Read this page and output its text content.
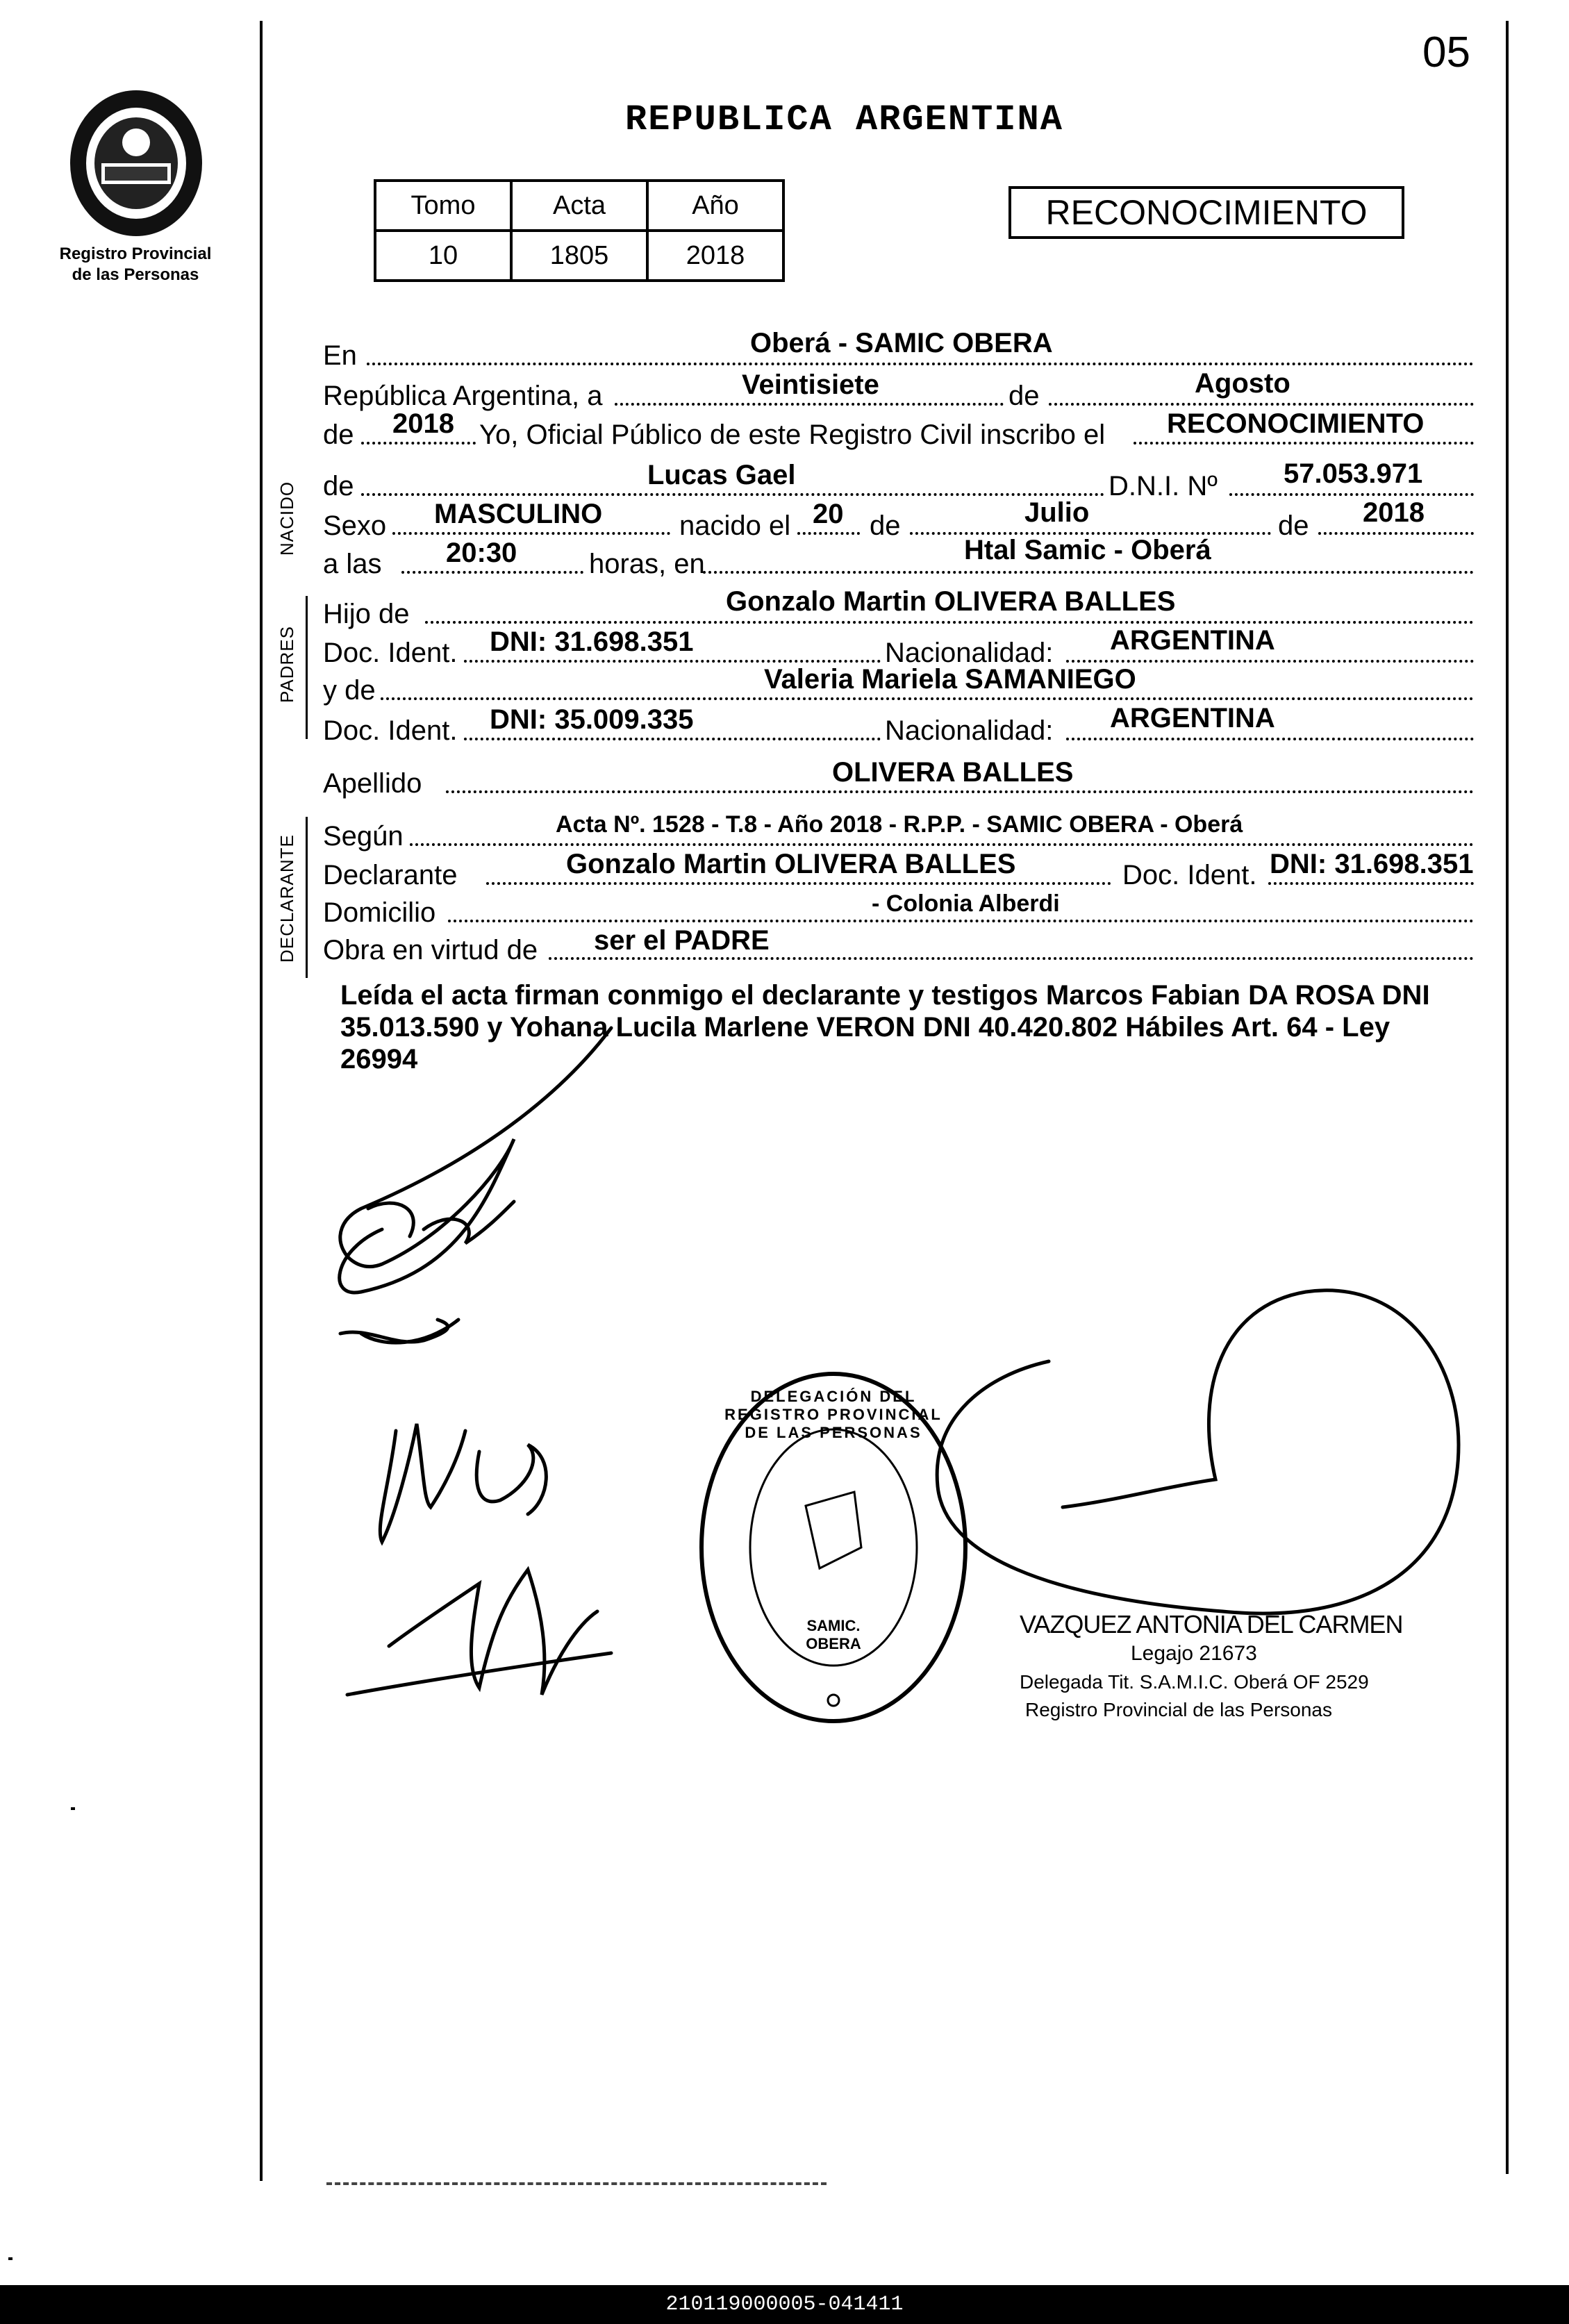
05
Registro Provincial
de las Personas
REPUBLICA ARGENTINA
Tomo	Acta	Año
10	1805	2018
RECONOCIMIENTO
En	Oberá - SAMIC OBERA
República Argentina, a	Veintisiete	de	Agosto
de 2018 Yo, Oficial Público de este Registro Civil inscribo el RECONOCIMIENTO
NACIDO de	Lucas Gael	D.N.I. Nº 57.053.971
Sexo MASCULINO	nacido el 20 de	Julio	de 2018
a las 20:30	horas, en	Htal Samic - Oberá
PADRES
Hijo de	Gonzalo Martin OLIVERA BALLES
Doc. Ident. DNI: 31.698.351	Nacionalidad: ARGENTINA
y de	Valeria Mariela SAMANIEGO
Doc. Ident. DNI: 35.009.335	Nacionalidad: ARGENTINA
Apellido	OLIVERA BALLES
DECLARANTE Según	Acta Nº. 1528 - T.8 - Año 2018 - R.P.P. - SAMIC OBERA - Oberá
Declarante	Gonzalo Martin OLIVERA BALLES	Doc. Ident. DNI: 31.698.351
Domicilio	- Colonia Alberdi
Obra en virtud de ser el PADRE
Leída el acta firman conmigo el declarante y testigos Marcos Fabian DA ROSA DNI 35.013.590 y Yohana Lucila Marlene VERON DNI 40.420.802 Hábiles Art. 64 - Ley 26994
DELEGACIÓN DEL REGISTRO PROVINCIAL DE LAS PERSONAS
SAMIC. OBERA
VAZQUEZ ANTONIA DEL CARMEN
Legajo 21673
Delegada Tit. S.A.M.I.C. Oberá OF 2529
Registro Provincial de las Personas
210119000005-041411
